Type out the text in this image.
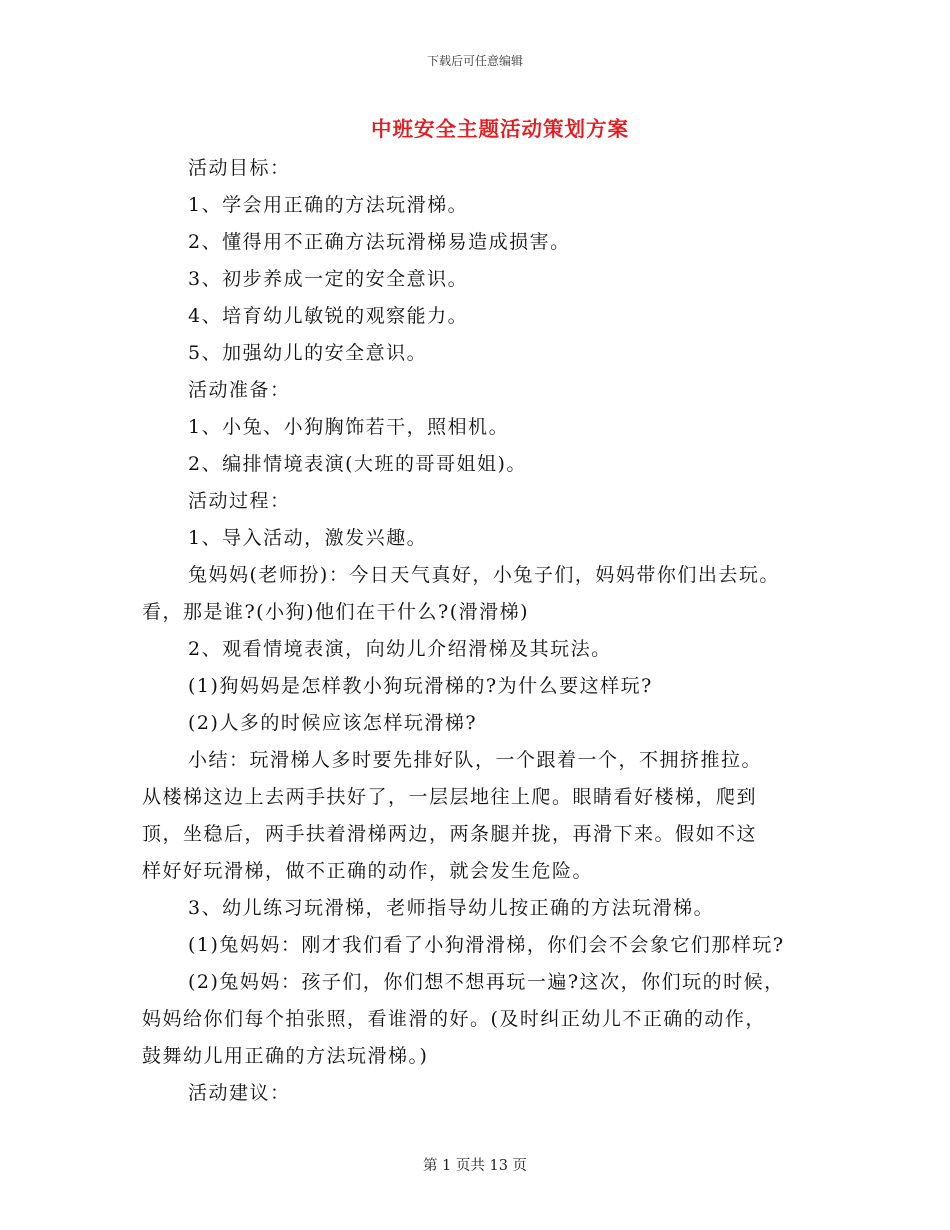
下载后可任意编辑
中班安全主题活动策划方案
活动目标：
1、学会用正确的方法玩滑梯。
2、懂得用不正确方法玩滑梯易造成损害。
3、初步养成一定的安全意识。
4、培育幼儿敏锐的观察能力。
5、加强幼儿的安全意识。
活动准备：
1、小兔、小狗胸饰若干，照相机。
2、编排情境表演(大班的哥哥姐姐)。
活动过程：
1、导入活动，激发兴趣。
兔妈妈(老师扮)：今日天气真好，小兔子们，妈妈带你们出去玩。
看，那是谁?(小狗)他们在干什么?(滑滑梯)
2、观看情境表演，向幼儿介绍滑梯及其玩法。
(1)狗妈妈是怎样教小狗玩滑梯的?为什么要这样玩?
(2)人多的时候应该怎样玩滑梯?
小结：玩滑梯人多时要先排好队，一个跟着一个，不拥挤推拉。
从楼梯这边上去两手扶好了，一层层地往上爬。眼睛看好楼梯，爬到
顶，坐稳后，两手扶着滑梯两边，两条腿并拢，再滑下来。假如不这
样好好玩滑梯，做不正确的动作，就会发生危险。
3、幼儿练习玩滑梯，老师指导幼儿按正确的方法玩滑梯。
(1)兔妈妈：刚才我们看了小狗滑滑梯，你们会不会象它们那样玩?
(2)兔妈妈：孩子们，你们想不想再玩一遍?这次，你们玩的时候，
妈妈给你们每个拍张照，看谁滑的好。(及时纠正幼儿不正确的动作，
鼓舞幼儿用正确的方法玩滑梯。)
活动建议：
第 1 页共 13 页
